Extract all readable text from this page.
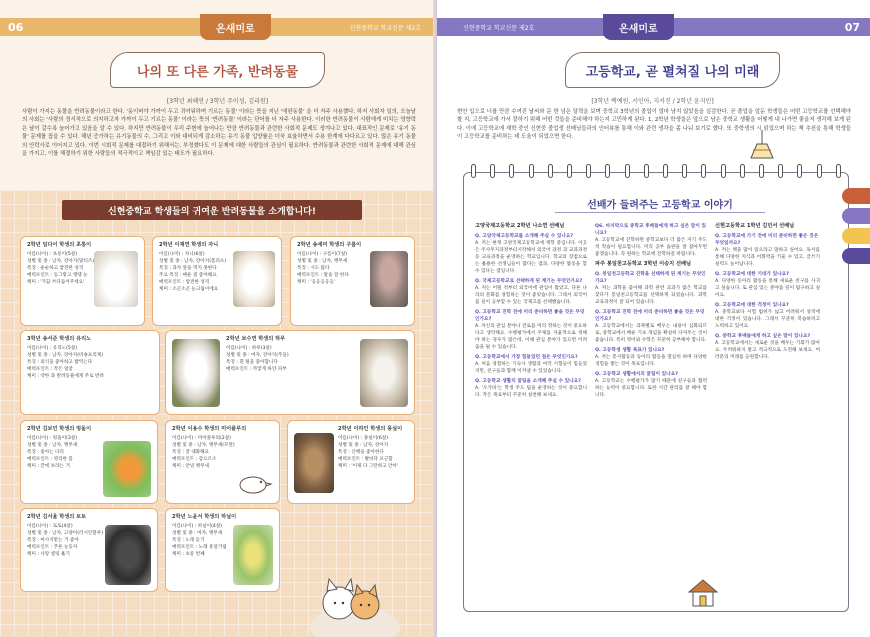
06	온새미로	신현중학교 학교신문 제2호
나의 또 다른 가족, 반려동물
[3학년 최혜연 / 3학년 주이성, 김리원]
사람이 가지는 동물을 반려동물이라고 한다. '동이버야 가까이 두고 귀여워하며 기르는 동물' 이라는 뜻을 지닌 '애완동물' 을 더 자주 사용했다. 하지 사회자 일의, 오늘날의 사회는 '사람의 정서적으로 의지하고자 가까이 두고 기르는 동물' 이라는 뜻의 '반려동물' 이라는 단어를 더 자주 사용한다. 이러한 반려동물이 사람에게 미치는 영향력은 날이 갈수록 늘어가고 있음을 알 수 있다. 하지만 반려동물이 우리 주변에 늘어나는 만큼 반려동물과 관련한 사회적 문제도 생겨나고 있다. 대표적인 문제로 '유기 동물' 문제를 꼽을 수 있다. 해년 증가하는 유기동물의 수, 그리고 이와 대비되게 감소하는 유기 동물 입양률은 더욱 효율하면서 수용 한계에 다다르고 있다. 많은 유기 동물의 안락사로 이어지고 있다. 이번 시회적 문제를 대접하기 위해서는, 부정했다도 이 문제에 대한 사람들의 관심이 필요하다. 반려동물과 관련한 사회적 문제에 대해 관심을 가지고, 이를 해결하기 위한 사람들의 적극적이고 책임감 있는 태도가 필요하다.
신현중학교 학생들의 귀여운 반려동물을 소개합니다!
2학년 임다이 학생의 초롱이
이름(나이) : 초롱이(5살)
성별 및 종 : 남자, 강아지(말티즈)
특징 : 운순하고 얌전한 성격
매력포인트 : 동그랗고 땡땡 눈
케미 : '가끔 쓰다듬어주세요'
2학년 이재연 학생의 자니
이름(나이) : 자니(6살)
성별 및 종 : 남자, 강아지(폼피츠)
특징 : 과자 앞을 먹지 못한다
주요 특징 : 매운 걸 좋아해요
매력포인트 : 얌전한 성격
케미 : 소곤소곤 눈크림이에요
2학년 송세미 학생의 구름이
이름(나이) : 구름이(7살)
성별 및 종 : 남자, 앵무새
특징 : 시도 많다
매력포인트 : 말을 잘 한다
케미 : '응응응응응'
3학년 송서준 학생의 유리노
이름(나이) : 유리노(5살)
성별 및 종 : 남자, 강아지(비숑프리제)
특징 : 외식을 좋아하고 밥먹는다
매력포인트 : 작은 얼굴
케미 : 약한 과 반려동물에게 주로 반려
2학년 보수연 학생의 하루
이름(나이) : 하루(3살)
성별 및 종 : 여자, 강아지(푸들)
특징 : 흰 털을 좋아합니다
매력포인트 : 까맣게 하얀 피부
2학년 김보민 학생의 띵돌이
이름(나이) : 띵돌이(3살)
성별 및 종 : 남자, 앵무새
특징 : 좋아는 다리
매력포인트 : 영리한 몸
케미 : 끝에 보라는 거
2학년 이용수 학생의 미어플루의
이름(나이) : 미어플루의(2살)
성별 및 종 : 남자, 앵무새(모란)
특징 : 잘 대화해요
매력포인트 : 감으르소
케미 : 안녕 앵무새
2학년 이하인 학생의 몽실이
이름(나이) : 몽실이(6살)
성별 및 종 : 남자, 강아지
특징 : 산책을 좋아한다
매력포인트 : 발바닥 포근함
케미 : '이제 다 그만하고 안아'
2학년 김서율 학생의 토토
이름(나이) : 토토(4살)
성별 및 종 : 남자, 고양이(러시안블루)
특징 : 마사지받는 거 좋아
매력포인트 : 푸른 눈동자
케미 : 사랑 셀링 훌기
2학년 노윤서 학생의 하닐이
이름(나이) : 하닐이(4살)
성별 및 종 : 여자, 앵무새
특징 : 노래 듣기
매력포인트 : 노래 흥얼거림
케미 : 초롱 번째
신현중학교 학교신문 제2호	온새미로	07
고등학교, 곧 펼쳐질 나의 미래
[3학년 백예원, 서인아, 지서진 / 2학년 윤지민]
현안 입으로 너를 만큼 수여진 날씨와 문 한 넘은 달력을 보며 중학교 3학년의 졸업이 얼마 남지 않았음을 실감한다. 곧 졸업을 앞둔 학생들은 어떤 고등학교를 선택해야 할 지, 고등학교에 가서 잘하기 위해 어떤 것들을 준비해야 하는지 고민하게 된다. 1, 2학년 학생들은 앞으로 남은 중학교 생활을 어떻게 내 나가면 좋을지 생각해 보게 된다. 이에 고등학교에 재학 중인 신현중 졸업생 선배님들과의 인터뷰를 통해 이와 관련 생각을 좀 나눠 보기로 했다. 또 중학생의 시 읽었으며 하는 책 추천을 통해 학생들이 고등학교를 준비하는 데 도움이 되었으면 한다.
선배가 들려주는 고등학교 이야기
고양국제고등학교 2학년 나소연 선배님
Q. 고양국제고등학교를 소개해 주실 수 있나요?

A. 저는 현재 고양국제고등학교에 재학 중입니다. 이곳은 주사무지과정부터시작해서 외국어 과정 과 교과과정 등 교육과정을 운영하는 학교입니다. 학교의 장점으로는 훌륭한 선생님들이 많다는 점과, 다양한 활동을 할 수 있다는 점입니다.

Q. 국제고등학교로 선택하게 된 계기는 무엇인가요?

A. 저는 어릴 적부터 외국어에 관심이 많았고, 다른 나라의 문화를 경험하는 것이 좋았습니다. 그래서 외국어를 깊이 공부할 수 있는 국제고를 선택했습니다.

Q. 고등학교 진학 전에 미리 준비하면 좋을 것은 무엇인가요?

A. 자신의 관심 분야나 진로를 미리 정하는 것이 중요하다고 생각해요. 수행평가에서 주제를 자율적으로 정해야 하는 경우가 많은데, 이때 관심 분야가 있으면 어려움을 덜 수 있습니다.

Q. 고등학교에서 가장 힘들었던 점은 무엇인가요?

A. 처음 경험하는 기숙사 생활과 여러 시험들이 힘들었지만, 친구들과 함께 이겨낼 수 있었습니다.

Q. 고등학교 생활의 꿀팁을 소개해 주실 수 있나요?

A. '오가바'는 학생 주도 팀을 운영하는 것이 중요합니다. 작은 목표부터 꾸준히 실천해 보세요.

Q6. 마지막으로 중학교 후배들에게 하고 싶은 말이 있나요?

A. 고등학교에 진학하면 중학교보다 더 많은 자기 주도적 학습이 필요합니다. 미리 공부 습관을 잘 잡아두면 좋겠습니다. 꼭 원하는 학교에 진학하길 바랍니다.

파주 봉일천고등학교 3학년 이승지 선배님
Q. 봉일천고등학교 진학을 선택하게 된 계기는 무엇인가요?

A. 저는 과학을 좋아해 과학 관련 교과가 많은 학교를 찾다가 봉일천고등학교를 선택하게 되었습니다. 과학 교육과정이 잘 되어 있습니다.

Q. 고등학교 진학 전에 미리 준비하면 좋을 것은 무엇인가요?

A. 고등학교에서는 과목별로 배우는 내용이 심화되므로, 중학교에서 배운 기초 개념을 확실히 다져두는 것이 좋습니다. 특히 영어와 수학은 꾸준히 공부해야 합니다.

Q. 고등학생 생활 목표가 있나요?

A. 저는 봉사활동과 동아리 활동을 열심히 하며 다양한 경험을 쌓는 것이 목표입니다.

Q. 고등학교 생활에서의 꿀팁이 있나요?

A. 고등학교는 수행평가가 많기 때문에 친구들과 협력하는 능력이 중요합니다. 또한 시간 관리를 잘 해야 합니다.

신현고등학교 1학년 김민서 선배님
Q. 고등학교에 가기 전에 미리 준비하면 좋은 것은 무엇일까요?

A. 저는 책을 많이 읽으라고 말하고 싶어요. 독서를 통해 다양한 지식과 어휘력을 키울 수 있고, 글쓰기 실력도 늘어납니다.

Q. 고등학교에 대한 기대가 있나요?

A. 다양한 동아리 활동을 통해 새로운 친구를 사귀고 싶습니다. 또 관심 있는 분야를 깊이 탐구하고 싶어요.

Q. 고등학교에 대한 걱정이 있나요?

A. 중학교보다 시험 범위가 넓고 어려워서 성적에 대한 걱정이 있습니다. 그래서 꾸준히 복습하려고 노력하고 있어요.

Q. 중학교 후배들에게 하고 싶은 말이 있나요?

A. 고등학교에서는 새로운 것을 배우는 기회가 많아요. 두려워하지 말고 적극적으로 도전해 보세요. 여러분의 미래를 응원합니다.
